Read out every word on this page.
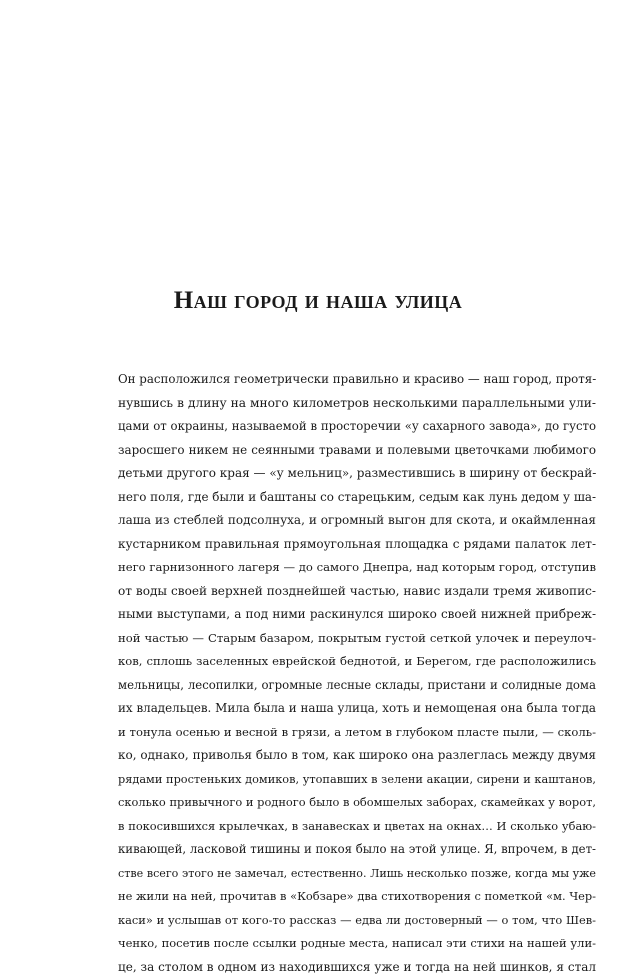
Наш город и наша улица
Он расположился геометрически правильно и красиво — наш город, протя-
нувшись в длину на много километров несколькими параллельными ули-
цами от окраины, называемой в просторечии «у сахарного завода», до густо
заросшего никем не сеянными травами и полевыми цветочками любимого
детьми другого края — «у мельниц», разместившись в ширину от бескрай-
него поля, где были и баштаны со старецьким, седым как лунь дедом у ша-
лаша из стеблей подсолнуха, и огромный выгон для скота, и окаймленная
кустарником правильная прямоугольная площадка с рядами палаток лет-
него гарнизонного лагеря — до самого Днепра, над которым город, отступив
от воды своей верхней позднейшей частью, навис издали тремя живопис-
ными выступами, а под ними раскинулся широко своей нижней прибреж-
ной частью — Старым базаром, покрытым густой сеткой улочек и переулоч-
ков, сплошь заселенных еврейской беднотой, и Берегом, где расположились
мельницы, лесопилки, огромные лесные склады, пристани и солидные дома
их владельцев. Мила была и наша улица, хоть и немощеная она была тогда
и тонула осенью и весной в грязи, а летом в глубоком пласте пыли, — сколь-
ко, однако, приволья было в том, как широко она разлеглась между двумя
рядами простеньких домиков, утопавших в зелени акации, сирени и каштанов,
сколько привычного и родного было в обомшелых заборах, скамейках у ворот,
в покосившихся крылечках, в занавесках и цветах на окнах… И сколько убаю-
кивающей, ласковой тишины и покоя было на этой улице. Я, впрочем, в дет-
стве всего этого не замечал, естественно. Лишь несколько позже, когда мы уже
не жили на ней, прочитав в «Кобзаре» два стихотворения с пометкой «м. Чер-
каси» и услышав от кого-то рассказ — едва ли достоверный — о том, что Шев-
ченко, посетив после ссылки родные места, написал эти стихи на нашей ули-
це, за столом в одном из находившихся уже и тогда на ней шинков, я стал
